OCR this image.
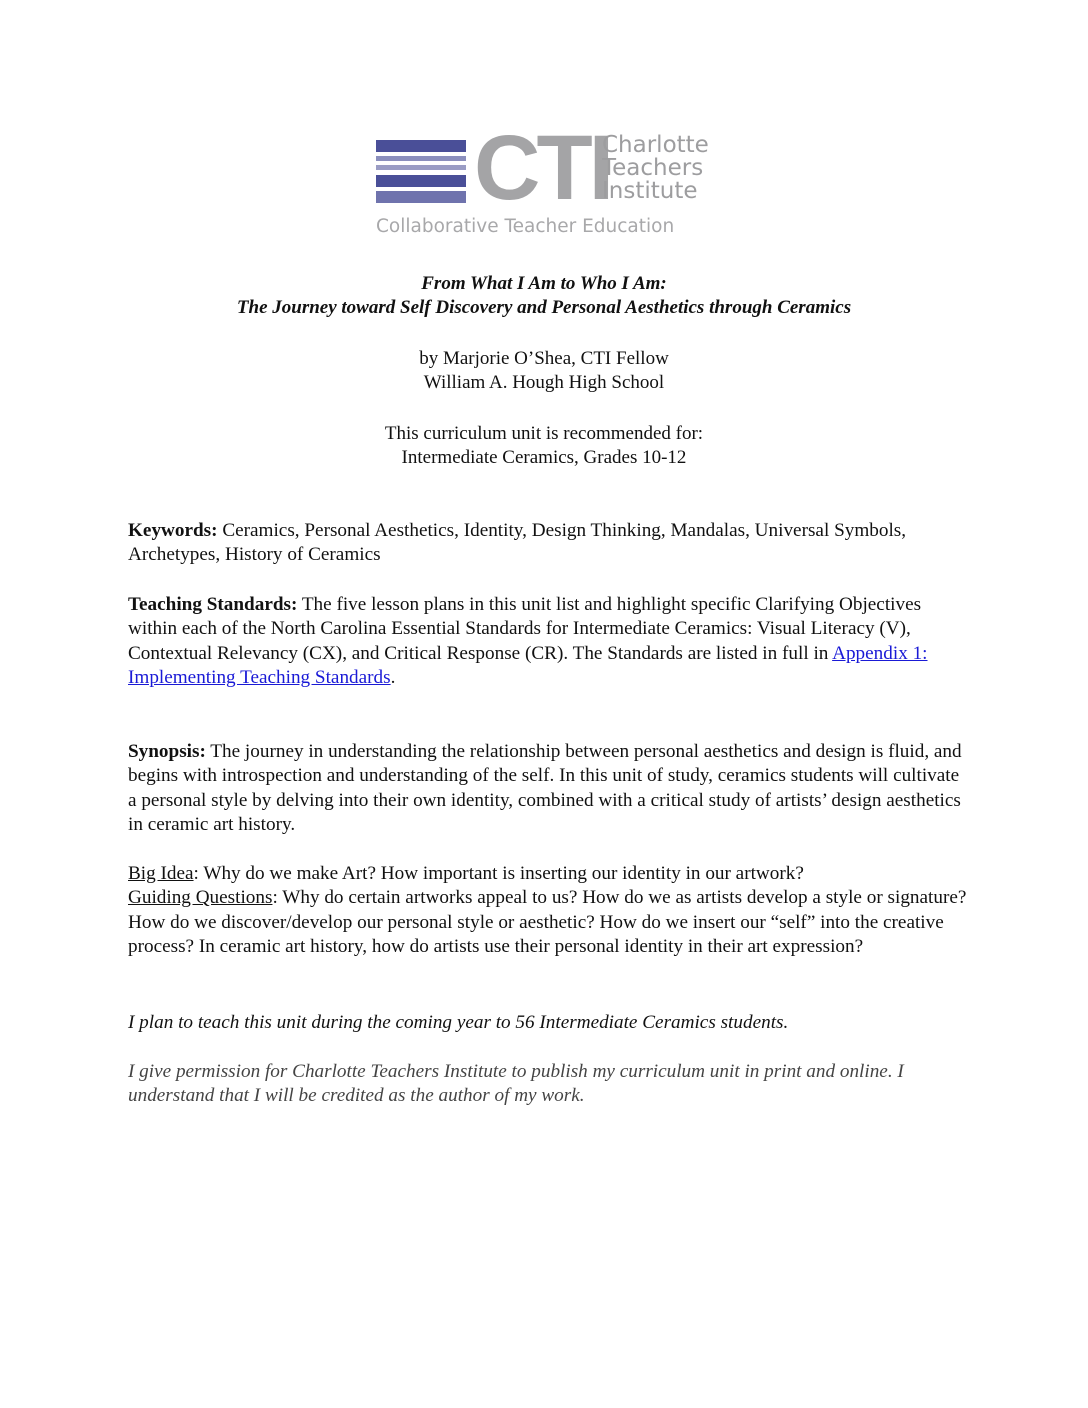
CTI
Charlotte
Teachers
Institute
Collaborative Teacher Education
From What I Am to Who I Am:
The Journey toward Self Discovery and Personal Aesthetics through Ceramics
by Marjorie O’Shea, CTI Fellow
William A. Hough High School
This curriculum unit is recommended for:
Intermediate Ceramics, Grades 10-12
Keywords: Ceramics, Personal Aesthetics, Identity, Design Thinking, Mandalas, Universal Symbols, Archetypes, History of Ceramics
Teaching Standards: The five lesson plans in this unit list and highlight specific Clarifying Objectives within each of the North Carolina Essential Standards for Intermediate Ceramics: Visual Literacy (V), Contextual Relevancy (CX), and Critical Response (CR). The Standards are listed in full in Appendix 1: Implementing Teaching Standards.
Synopsis: The journey in understanding the relationship between personal aesthetics and design is fluid, and begins with introspection and understanding of the self. In this unit of study, ceramics students will cultivate a personal style by delving into their own identity, combined with a critical study of artists’ design aesthetics in ceramic art history.
Big Idea: Why do we make Art? How important is inserting our identity in our artwork?
Guiding Questions: Why do certain artworks appeal to us? How do we as artists develop a style or signature? How do we discover/develop our personal style or aesthetic? How do we insert our “self” into the creative process? In ceramic art history, how do artists use their personal identity in their art expression?
I plan to teach this unit during the coming year to 56 Intermediate Ceramics students.
I give permission for Charlotte Teachers Institute to publish my curriculum unit in print and online. I understand that I will be credited as the author of my work.
